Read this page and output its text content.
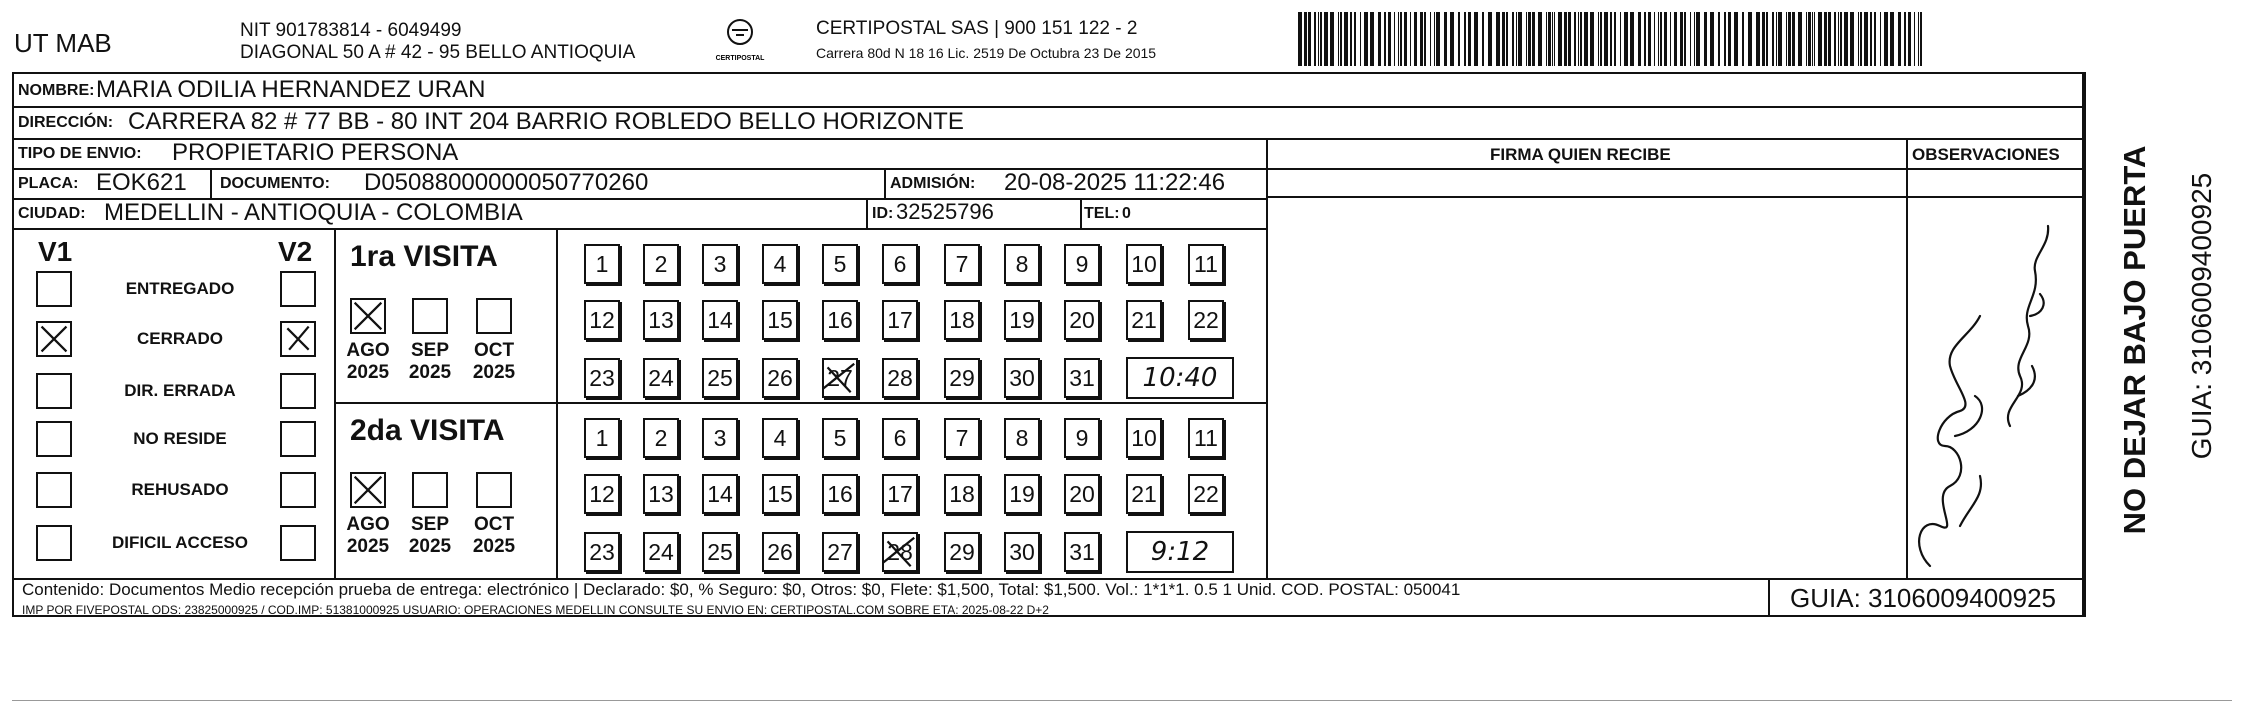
UT MAB	NIT 901783814 - 6049499
DIAGONAL 50 A # 42 - 95 BELLO ANTIOQUIA	CERTIPOSTAL
CERTIPOSTAL SAS | 900 151 122 - 2
Carrera 80d N 18 16 Lic. 2519 De Octubra 23 De 2015
NOMBRE: MARIA ODILIA HERNANDEZ URAN
DIRECCIÓN: CARRERA 82 # 77 BB - 80 INT 204 BARRIO ROBLEDO BELLO HORIZONTE
TIPO DE ENVIO: PROPIETARIO PERSONA	FIRMA QUIEN RECIBE	OBSERVACIONES
PLACA: EOK621 DOCUMENTO: D05088000000050770260	ADMISIÓN: 20-08-2025 11:22:46
CIUDAD: MEDELLIN - ANTIOQUIA - COLOMBIA	ID: 32525796	TEL: 0
V1	V2
ENTREGADO
CERRADO
DIR. ERRADA
NO RESIDE
REHUSADO
DIFICIL ACCESO
1ra VISITA
AGO
2025
SEP
2025
OCT
2025
1 2 3 4 5 6 7 8 9 10 11
12 13 14 15 16 17 18 19 20 21 22
23 24 25 26 27 28 29 30 31	10:40
2da VISITA
AGO
2025
SEP
2025
OCT
2025
1 2 3 4 5 6 7 8 9 10 11
12 13 14 15 16 17 18 19 20 21 22
23 24 25 26 27 28 29 30 31	9:12
Contenido: Documentos Medio recepción prueba de entrega: electrónico | Declarado: $0, % Seguro: $0, Otros: $0, Flete: $1,500, Total: $1,500. Vol.: 1*1*1. 0.5 1 Unid. COD. POSTAL: 050041
IMP POR FIVEPOSTAL ODS: 23825000925 / COD.IMP: 51381000925 USUARIO: OPERACIONES MEDELLIN CONSULTE SU ENVIO EN: CERTIPOSTAL.COM SOBRE ETA: 2025-08-22 D+2	GUIA: 3106009400925
NO DEJAR BAJO PUERTA GUIA: 3106009400925
